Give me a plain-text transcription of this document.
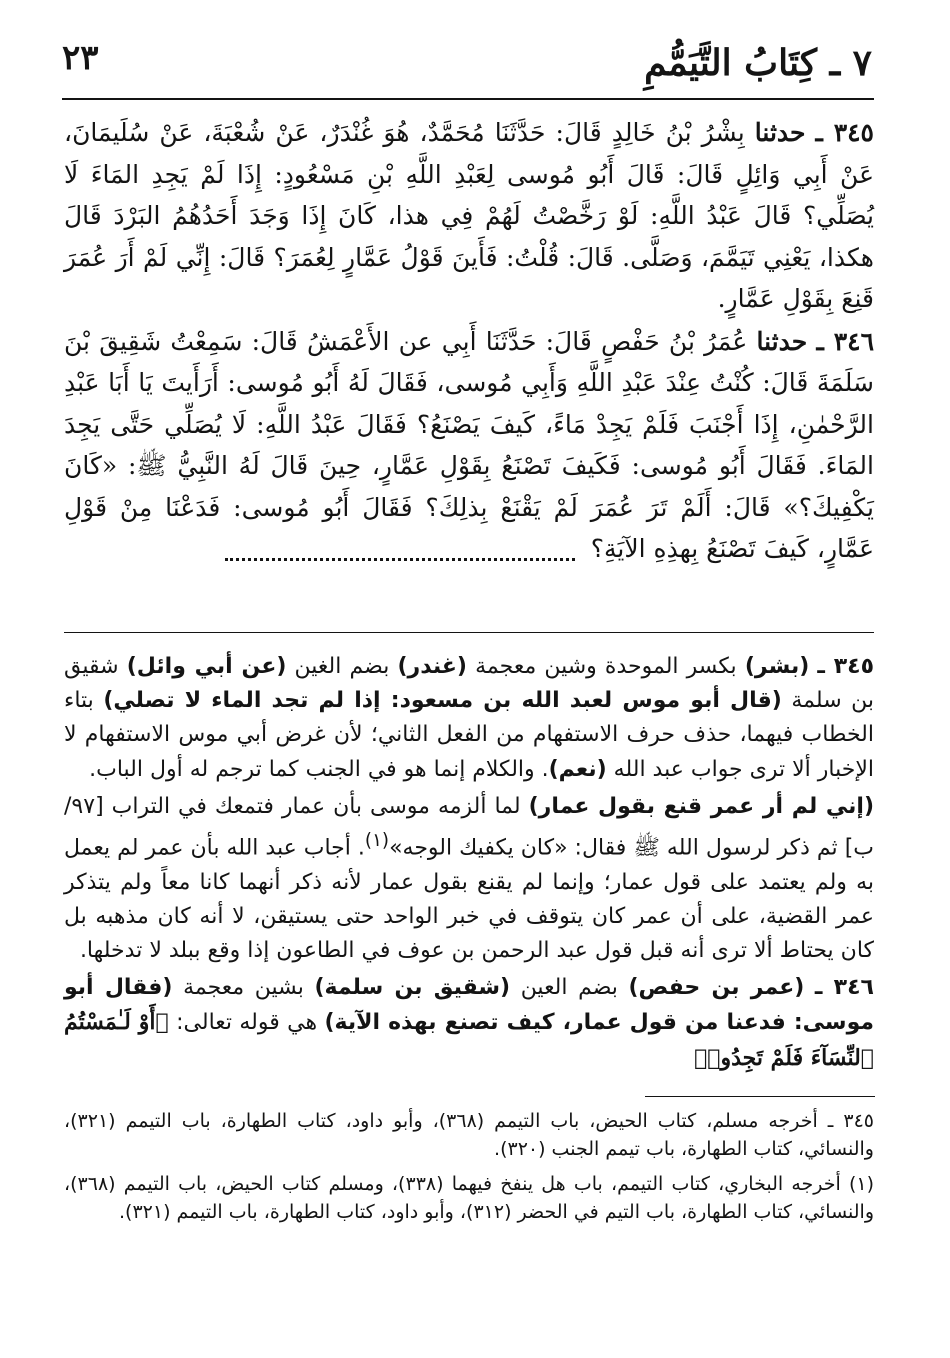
٢٣	٧ ـ كِتَابُ التَّيَمُّمِ

٣٤٥ ـ حدثنا بِشْرُ بْنُ خَالِدٍ قَالَ: حَدَّثَنَا مُحَمَّدٌ، هُوَ غُنْدَرٌ، عَنْ شُعْبَةَ، عَنْ سُلَيمَانَ، عَنْ أَبِي وَائِلٍ قَالَ: قَالَ أَبُو مُوسى لِعَبْدِ اللَّهِ بْنِ مَسْعُودٍ: إِذَا لَمْ يَجِدِ المَاءَ لَا يُصَلِّي؟ قَالَ عَبْدُ اللَّهِ: لَوْ رَخَّصْتُ لَهُمْ فِي هذا، كَانَ إِذَا وَجَدَ أَحَدُهُمُ البَرْدَ قَالَ هكذا، يَعْنِي تَيَمَّمَ، وَصَلَّى. قَالَ: قُلْتُ: فَأَينَ قَوْلُ عَمَّارٍ لِعُمَرَ؟ قَالَ: إِنِّي لَمْ أَرَ عُمَرَ قَنِعَ بِقَوْلِ عَمَّارٍ.

٣٤٦ ـ حدثنا عُمَرُ بْنُ حَفْصٍ قَالَ: حَدَّثَنَا أَبِي عن الأَعْمَشُ قَالَ: سَمِعْتُ شَقِيقَ بْنَ سَلَمَةَ قَالَ: كُنْتُ عِنْدَ عَبْدِ اللَّهِ وَأَبِي مُوسى، فَقَالَ لَهُ أَبُو مُوسى: أَرَأَيتَ يَا أَبَا عَبْدِ الرَّحْمٰنِ، إِذَا أَجْنَبَ فَلَمْ يَجِدْ مَاءً، كَيفَ يَصْنَعُ؟ فَقَالَ عَبْدُ اللَّهِ: لَا يُصَلِّي حَتَّى يَجِدَ المَاءَ. فَقَالَ أَبُو مُوسى: فَكَيفَ تَصْنَعُ بِقَوْلِ عَمَّارٍ، حِينَ قَالَ لَهُ النَّبِيُّ ﷺ: «كَانَ يَكْفِيكَ؟» قَالَ: أَلَمْ تَرَ عُمَرَ لَمْ يَقْنَعْ بِذلِكَ؟ فَقَالَ أَبُو مُوسى: فَدَعْنَا مِنْ قَوْلِ عَمَّارٍ، كَيفَ تَصْنَعُ بِهذِهِ الآيَةِ؟

٣٤٥ ـ (بشر) بكسر الموحدة وشين معجمة (غندر) بضم الغين (عن أبي وائل) شقيق بن سلمة (قال أبو موس لعبد الله بن مسعود: إذا لم تجد الماء لا تصلي) بتاء الخطاب فيهما، حذف حرف الاستفهام من الفعل الثاني؛ لأن غرض أبي موس الاستفهام لا الإخبار ألا ترى جواب عبد الله (نعم). والكلام إنما هو في الجنب كما ترجم له أول الباب.

(إني لم أر عمر قنع بقول عمار) لما ألزمه موسى بأن عمار فتمعك في التراب [٩٧/ب] ثم ذكر لرسول الله ﷺ فقال: «كان يكفيك الوجه»$^{(١)}$. أجاب عبد الله بأن عمر لم يعمل به ولم يعتمد على قول عمار؛ وإنما لم يقنع بقول عمار لأنه ذكر أنهما كانا معاً ولم يتذكر عمر القضية، على أن عمر كان يتوقف في خبر الواحد حتى يستيقن، لا أنه كان مذهبه بل كان يحتاط ألا ترى أنه قبل قول عبد الرحمن بن عوف في الطاعون إذا وقع ببلد لا تدخلها.

٣٤٦ ـ (عمر بن حفص) بضم العين (شقيق بن سلمة) بشين معجمة (فقال أبو موسى: فدعنا من قول عمار، كيف تصنع بهذه الآية) هي قوله تعالى: ﴿أَوْ لَـٰمَسْتُمُ ٱلنِّسَآءَ فَلَمْ تَجِدُوا۟

٣٤٥ ـ أخرجه مسلم، كتاب الحيض، باب التيمم (٣٦٨)، وأبو داود، كتاب الطهارة، باب التيمم (٣٢١)، والنسائي، كتاب الطهارة، باب تيمم الجنب (٣٢٠).

(١) أخرجه البخاري، كتاب التيمم، باب هل ينفخ فيهما (٣٣٨)، ومسلم كتاب الحيض، باب التيمم (٣٦٨)، والنسائي، كتاب الطهارة، باب التيم في الحضر (٣١٢)، وأبو داود، كتاب الطهارة، باب التيمم (٣٢١).
